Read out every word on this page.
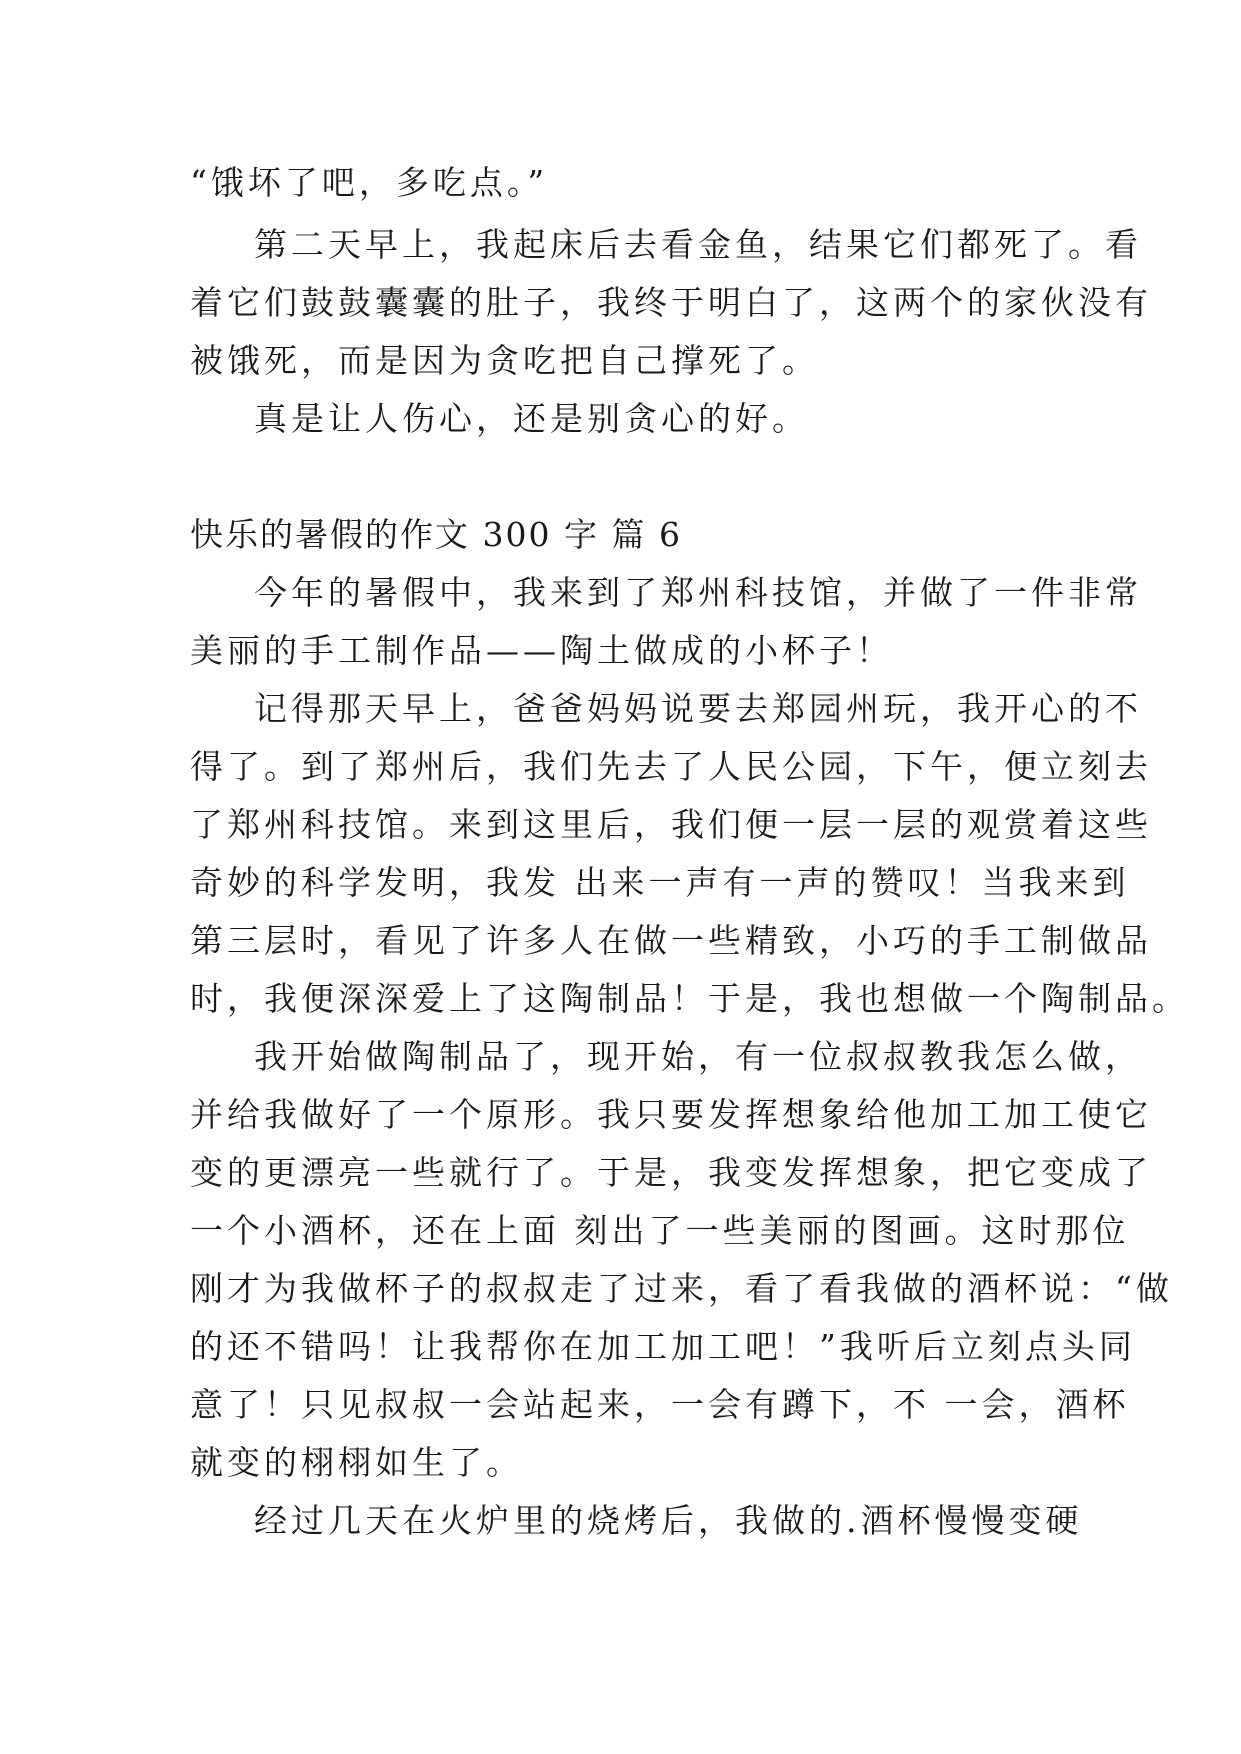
“饿坏了吧，多吃点。”
第二天早上，我起床后去看金鱼，结果它们都死了。看
着它们鼓鼓囊囊的肚子，我终于明白了，这两个的家伙没有
被饿死，而是因为贪吃把自己撑死了。
真是让人伤心，还是别贪心的好。
快乐的暑假的作文 300 字 篇 6
今年的暑假中，我来到了郑州科技馆，并做了一件非常
美丽的手工制作品——陶土做成的小杯子！
记得那天早上，爸爸妈妈说要去郑园州玩，我开心的不
得了。到了郑州后，我们先去了人民公园，下午，便立刻去
了郑州科技馆。来到这里后，我们便一层一层的观赏着这些
奇妙的科学发明，我发 出来一声有一声的赞叹！当我来到
第三层时，看见了许多人在做一些精致，小巧的手工制做品
时，我便深深爱上了这陶制品！于是，我也想做一个陶制品。
我开始做陶制品了，现开始，有一位叔叔教我怎么做，
并给我做好了一个原形。我只要发挥想象给他加工加工使它
变的更漂亮一些就行了。于是，我变发挥想象，把它变成了
一个小酒杯，还在上面 刻出了一些美丽的图画。这时那位
刚才为我做杯子的叔叔走了过来，看了看我做的酒杯说：“做
的还不错吗！让我帮你在加工加工吧！”我听后立刻点头同
意了！只见叔叔一会站起来，一会有蹲下，不 一会，酒杯
就变的栩栩如生了。
经过几天在火炉里的烧烤后，我做的.酒杯慢慢变硬
